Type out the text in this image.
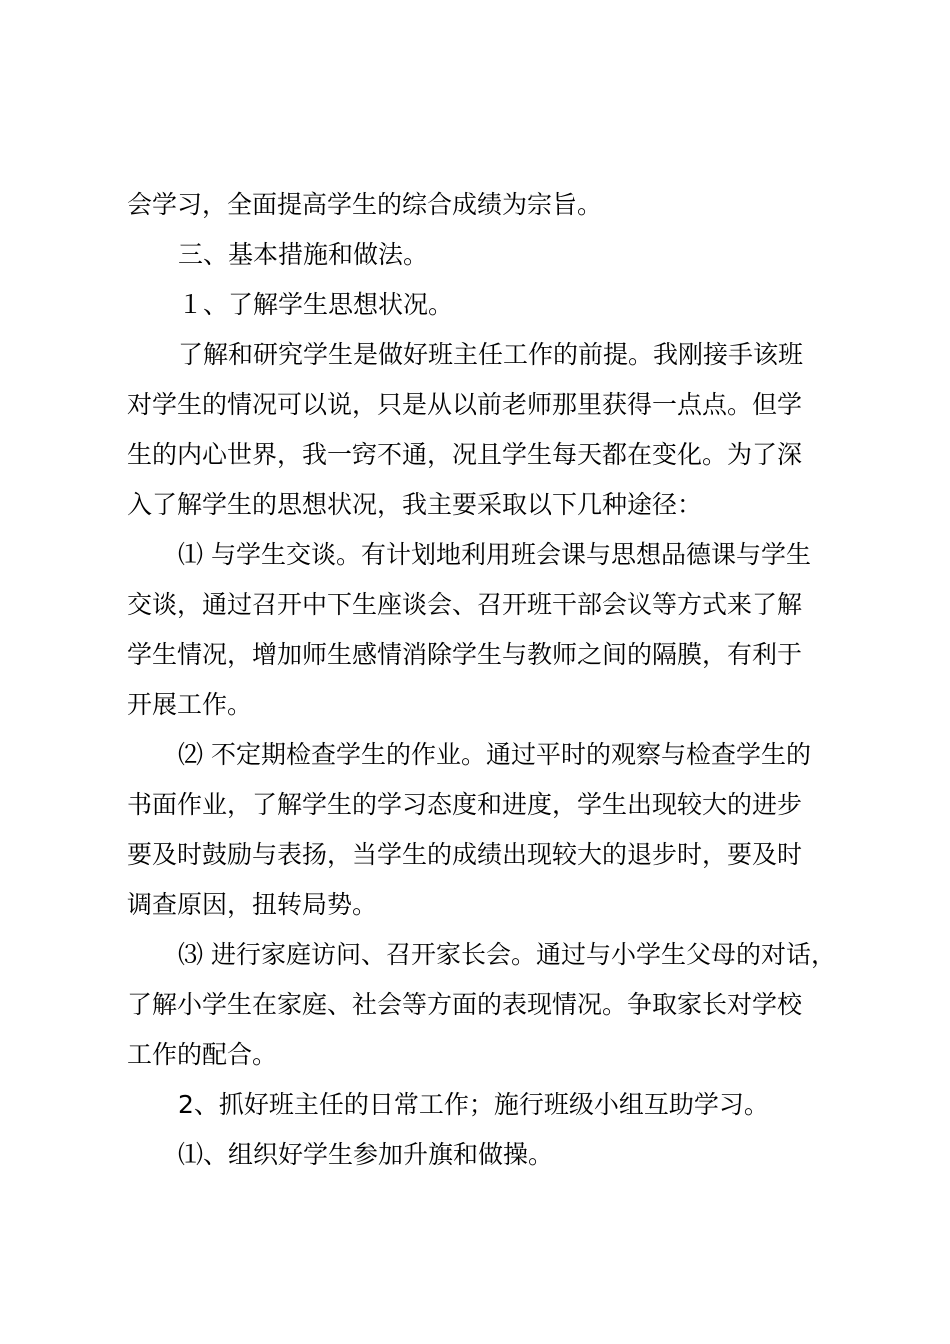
会学习，全面提高学生的综合成绩为宗旨。
三、基本措施和做法。
１、了解学生思想状况。
了解和研究学生是做好班主任工作的前提。我刚接手该班
对学生的情况可以说，只是从以前老师那里获得一点点。但学
生的内心世界，我一窍不通，况且学生每天都在变化。为了深
入了解学生的思想状况，我主要采取以下几种途径：
⑴ 与学生交谈。有计划地利用班会课与思想品德课与学生
交谈，通过召开中下生座谈会、召开班干部会议等方式来了解
学生情况，增加师生感情消除学生与教师之间的隔膜，有利于
开展工作。
⑵ 不定期检查学生的作业。通过平时的观察与检查学生的
书面作业，了解学生的学习态度和进度，学生出现较大的进步
要及时鼓励与表扬，当学生的成绩出现较大的退步时，要及时
调查原因，扭转局势。
⑶ 进行家庭访问、召开家长会。通过与小学生父母的对话，
了解小学生在家庭、社会等方面的表现情况。争取家长对学校
工作的配合。
2、抓好班主任的日常工作；施行班级小组互助学习。
⑴、组织好学生参加升旗和做操。
